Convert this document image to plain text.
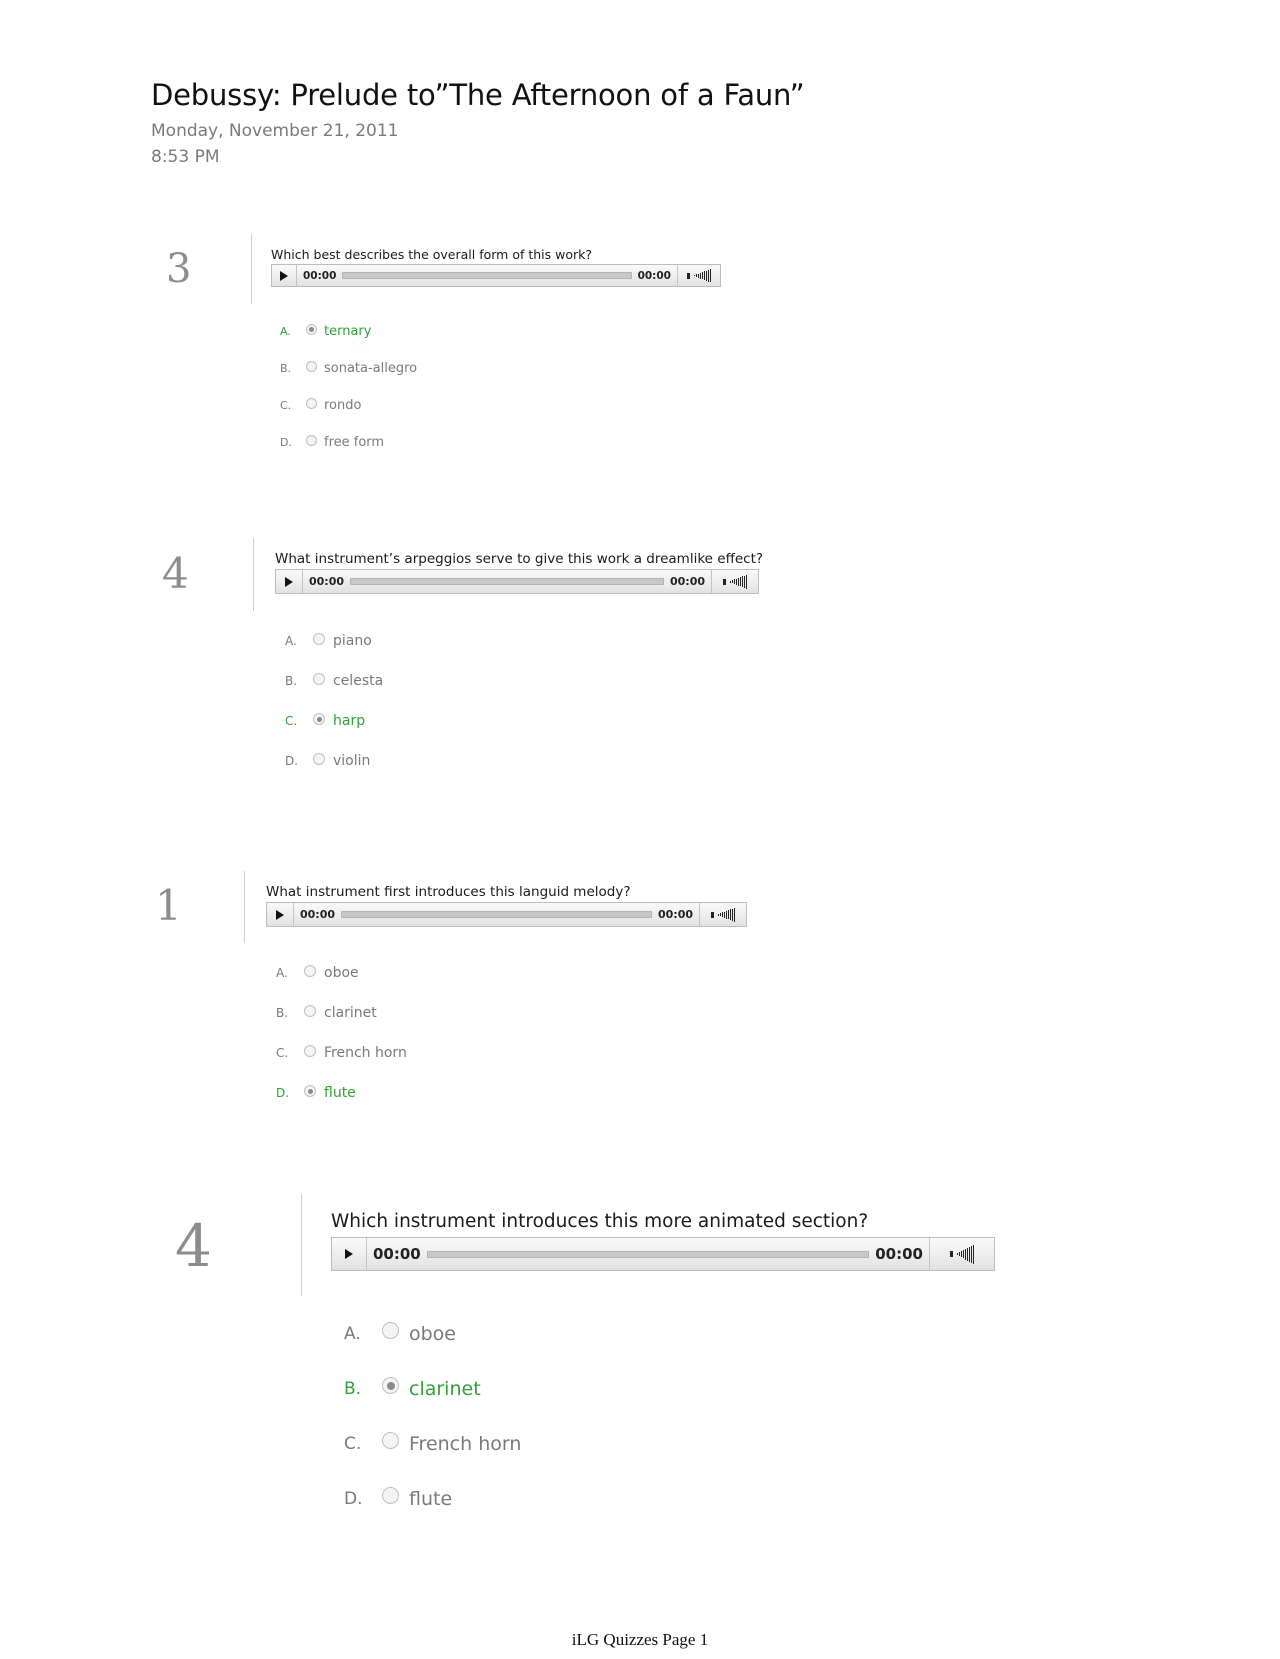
Debussy: Prelude to”The Afternoon of a Faun”
Monday, November 21, 2011
8:53 PM
3	Which best describes the overall form of this work?
00:00	00:00
A.	ternary
B.	sonata-allegro
C.	rondo
D.	free form
4	What instrument’s arpeggios serve to give this work a dreamlike effect?
00:00	00:00
A.	piano
B.	celesta
C.	harp
D.	violin
1	What instrument first introduces this languid melody?
00:00	00:00
A.	oboe
B.	clarinet
C.	French horn
D.	flute
4	Which instrument introduces this more animated section?
00:00	00:00
A.	oboe
B.	clarinet
C.	French horn
D.	flute
iLG Quizzes Page 1
